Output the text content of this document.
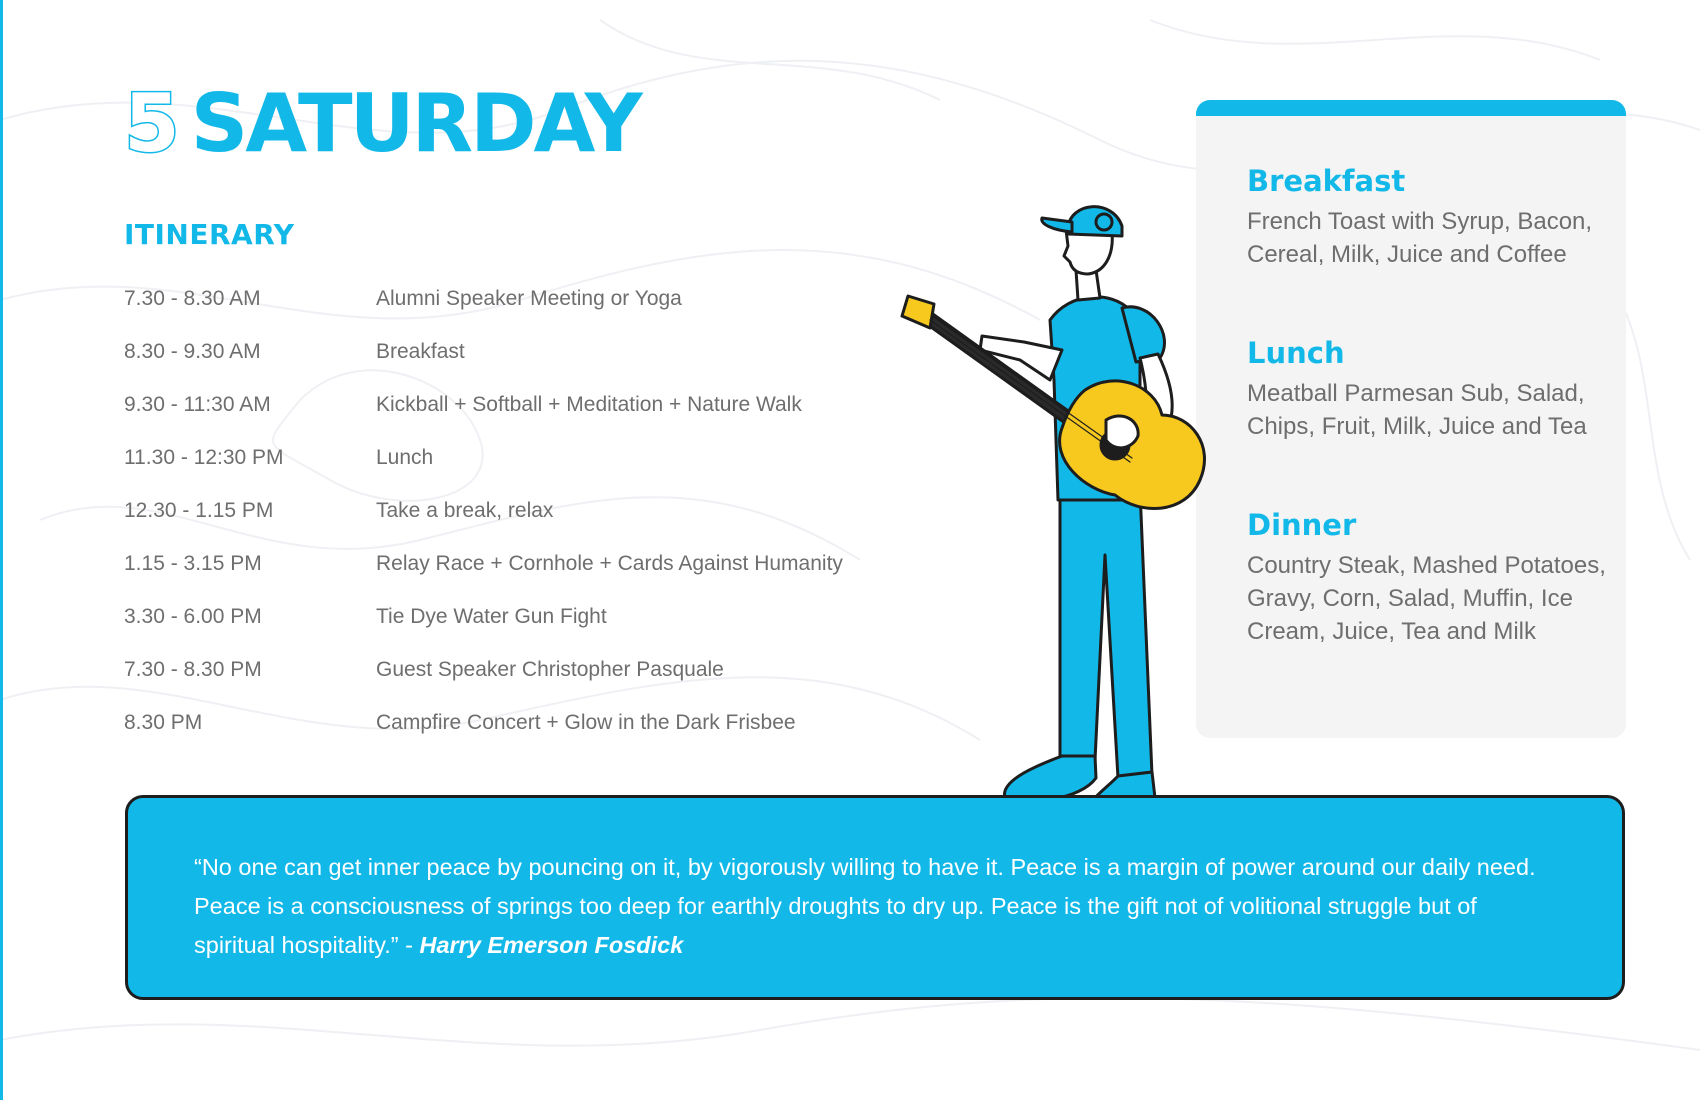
5 SATURDAY
ITINERARY
7.30 - 8.30 AM	Alumni Speaker Meeting or Yoga
8.30 - 9.30 AM	Breakfast
9.30 - 11:30 AM	Kickball + Softball + Meditation + Nature Walk
11.30 - 12:30 PM	Lunch
12.30 - 1.15 PM	Take a break, relax
1.15 - 3.15 PM	Relay Race + Cornhole + Cards Against Humanity
3.30 - 6.00 PM	Tie Dye Water Gun Fight
7.30 - 8.30 PM	Guest Speaker Christopher Pasquale
8.30 PM	Campfire Concert + Glow in the Dark Frisbee
Breakfast

French Toast with Syrup, Bacon, Cereal, Milk, Juice and Coffee

Lunch

Meatball Parmesan Sub, Salad, Chips, Fruit, Milk, Juice and Tea

Dinner

Country Steak, Mashed Potatoes, Gravy, Corn, Salad, Muffin, Ice Cream, Juice, Tea and Milk

“No one can get inner peace by pouncing on it, by vigorously willing to have it. Peace is a margin of power around our daily need. Peace is a consciousness of springs too deep for earthly droughts to dry up. Peace is the gift not of volitional struggle but of spiritual hospitality.” - Harry Emerson Fosdick
